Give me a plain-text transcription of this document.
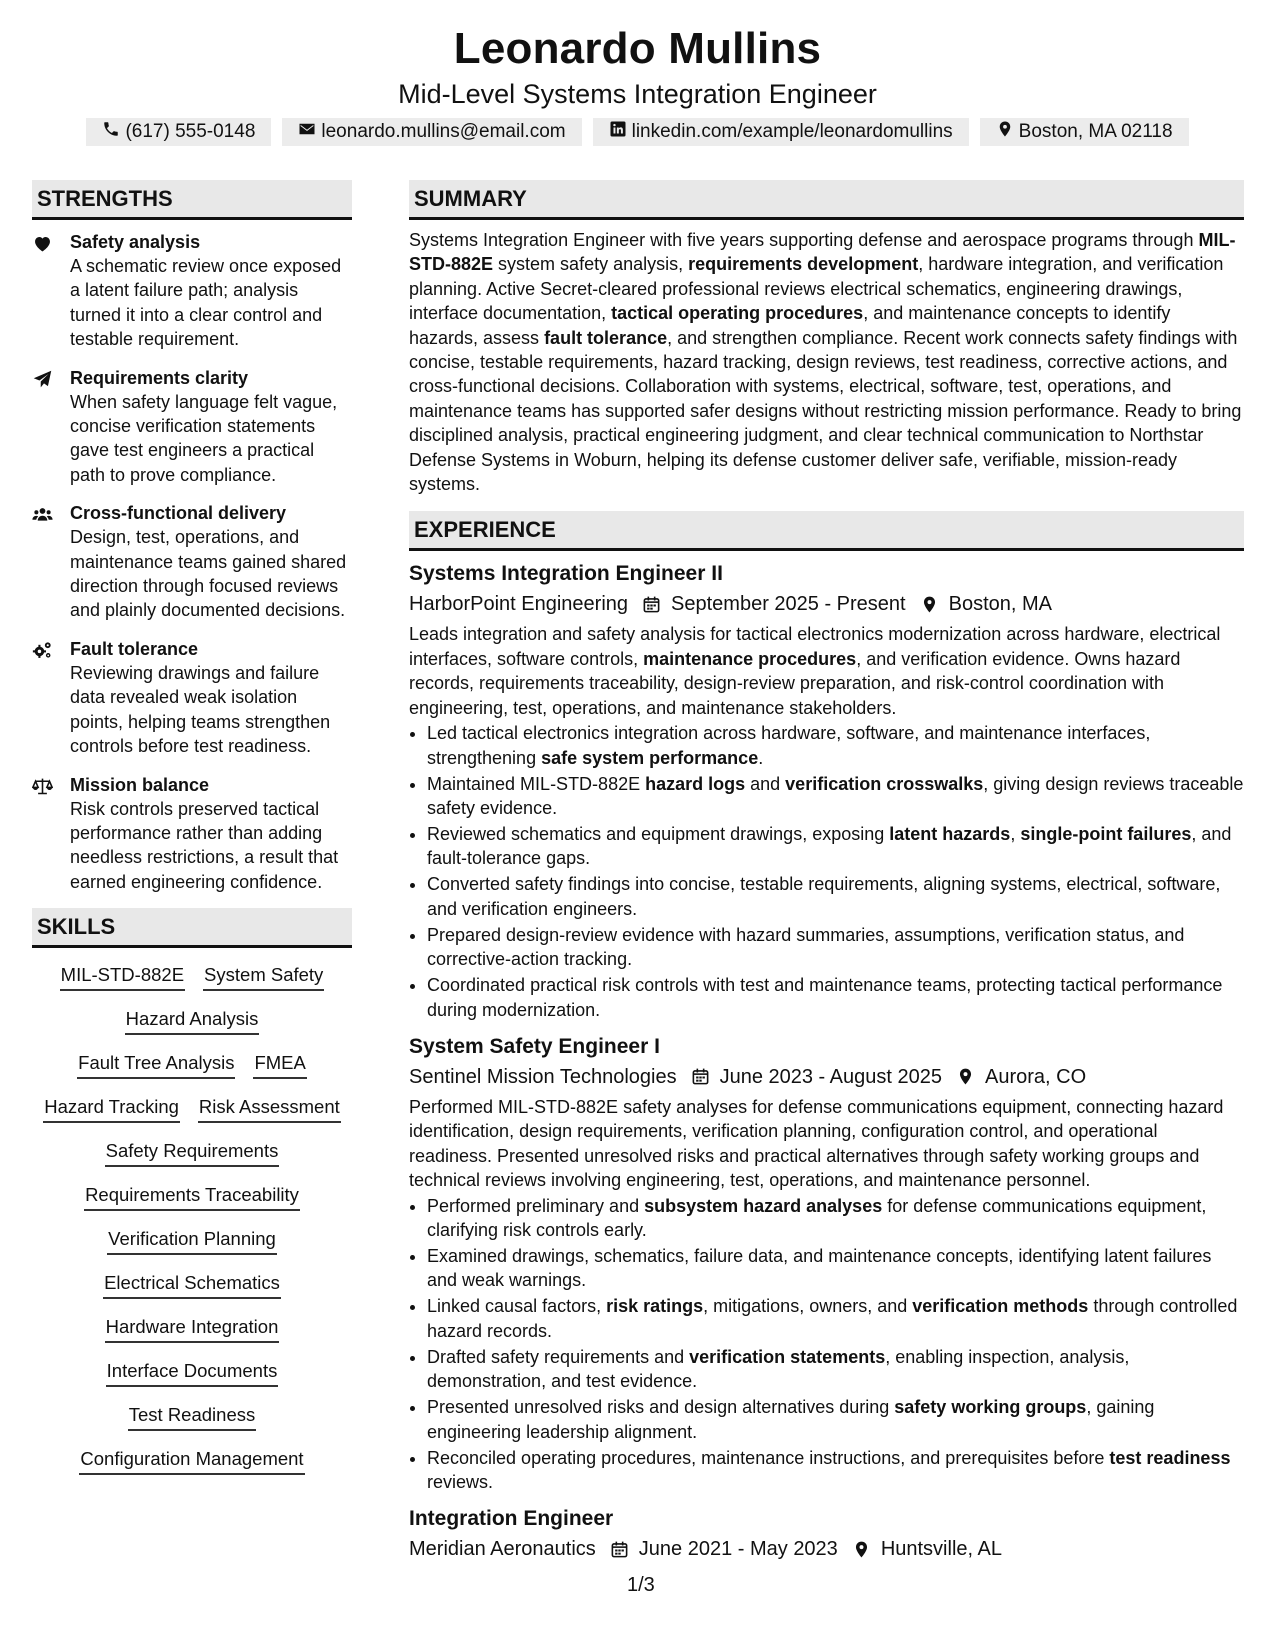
Leonardo Mullins
Mid-Level Systems Integration Engineer
(617) 555-0148	leonardo.mullins@email.com	linkedin.com/example/leonardomullins	Boston, MA 02118
STRENGTHS
Safety analysis
A schematic review once exposed a latent failure path; analysis turned it into a clear control and testable requirement.
Requirements clarity
When safety language felt vague, concise verification statements gave test engineers a practical path to prove compliance.
Cross-functional delivery
Design, test, operations, and maintenance teams gained shared direction through focused reviews and plainly documented decisions.
Fault tolerance
Reviewing drawings and failure data revealed weak isolation points, helping teams strengthen controls before test readiness.
Mission balance
Risk controls preserved tactical performance rather than adding needless restrictions, a result that earned engineering confidence.
SKILLS
MIL-STD-882E System Safety
Hazard Analysis
Fault Tree Analysis FMEA
Hazard Tracking Risk Assessment
Safety Requirements
Requirements Traceability
Verification Planning
Electrical Schematics
Hardware Integration
Interface Documents
Test Readiness
Configuration Management
SUMMARY
Systems Integration Engineer with five years supporting defense and aerospace programs through MIL-STD-882E system safety analysis, requirements development, hardware integration, and verification planning. Active Secret-cleared professional reviews electrical schematics, engineering drawings, interface documentation, tactical operating procedures, and maintenance concepts to identify hazards, assess fault tolerance, and strengthen compliance. Recent work connects safety findings with concise, testable requirements, hazard tracking, design reviews, test readiness, corrective actions, and cross-functional decisions. Collaboration with systems, electrical, software, test, operations, and maintenance teams has supported safer designs without restricting mission performance. Ready to bring disciplined analysis, practical engineering judgment, and clear technical communication to Northstar Defense Systems in Woburn, helping its defense customer deliver safe, verifiable, mission-ready systems.
EXPERIENCE
Systems Integration Engineer II
HarborPoint Engineering September 2025 - Present Boston, MA
Leads integration and safety analysis for tactical electronics modernization across hardware, electrical interfaces, software controls, maintenance procedures, and verification evidence. Owns hazard records, requirements traceability, design-review preparation, and risk-control coordination with engineering, test, operations, and maintenance stakeholders.
• Led tactical electronics integration across hardware, software, and maintenance interfaces, strengthening safe system performance.
• Maintained MIL-STD-882E hazard logs and verification crosswalks, giving design reviews traceable safety evidence.
• Reviewed schematics and equipment drawings, exposing latent hazards, single-point failures, and fault-tolerance gaps.
• Converted safety findings into concise, testable requirements, aligning systems, electrical, software, and verification engineers.
• Prepared design-review evidence with hazard summaries, assumptions, verification status, and corrective-action tracking.
• Coordinated practical risk controls with test and maintenance teams, protecting tactical performance during modernization.
System Safety Engineer I
Sentinel Mission Technologies June 2023 - August 2025 Aurora, CO
Performed MIL-STD-882E safety analyses for defense communications equipment, connecting hazard identification, design requirements, verification planning, configuration control, and operational readiness. Presented unresolved risks and practical alternatives through safety working groups and technical reviews involving engineering, test, operations, and maintenance personnel.
• Performed preliminary and subsystem hazard analyses for defense communications equipment, clarifying risk controls early.
• Examined drawings, schematics, failure data, and maintenance concepts, identifying latent failures and weak warnings.
• Linked causal factors, risk ratings, mitigations, owners, and verification methods through controlled hazard records.
• Drafted safety requirements and verification statements, enabling inspection, analysis, demonstration, and test evidence.
• Presented unresolved risks and design alternatives during safety working groups, gaining engineering leadership alignment.
• Reconciled operating procedures, maintenance instructions, and prerequisites before test readiness reviews.
Integration Engineer
Meridian Aeronautics June 2021 - May 2023 Huntsville, AL
1/3
